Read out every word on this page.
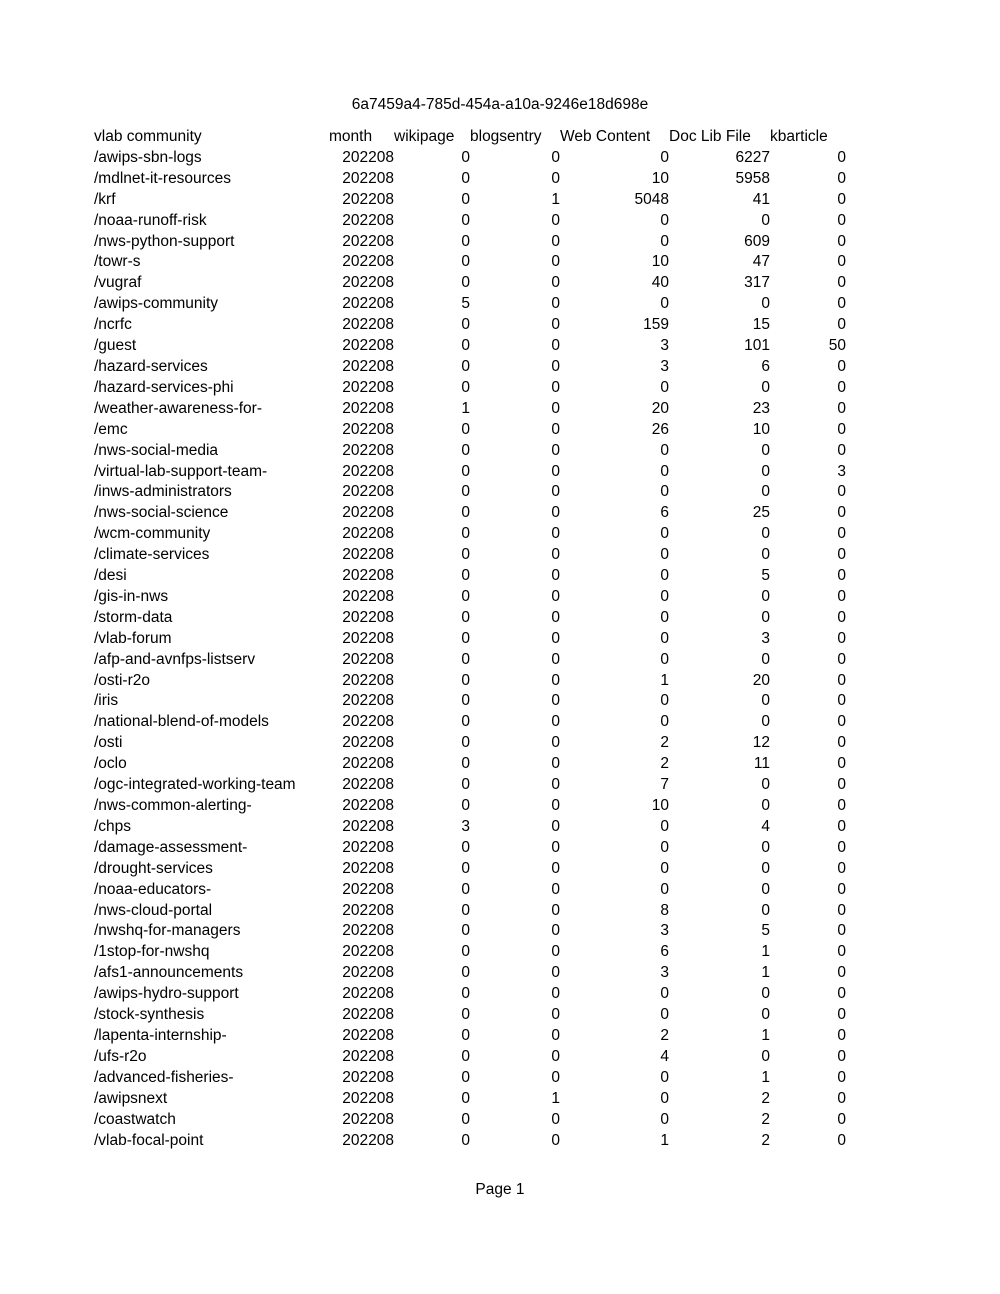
6a7459a4-785d-454a-a10a-9246e18d698e
vlab community	month	wikipage	blogsentry	Web Content	Doc Lib File	kbarticle
/awips-sbn-logs	202208	0	0	0	6227	0
/mdlnet-it-resources	202208	0	0	10	5958	0
/krf	202208	0	1	5048	41	0
/noaa-runoff-risk	202208	0	0	0	0	0
/nws-python-support	202208	0	0	0	609	0
/towr-s	202208	0	0	10	47	0
/vugraf	202208	0	0	40	317	0
/awips-community	202208	5	0	0	0	0
/ncrfc	202208	0	0	159	15	0
/guest	202208	0	0	3	101	50
/hazard-services	202208	0	0	3	6	0
/hazard-services-phi	202208	0	0	0	0	0
/weather-awareness-for-	202208	1	0	20	23	0
/emc	202208	0	0	26	10	0
/nws-social-media	202208	0	0	0	0	0
/virtual-lab-support-team-	202208	0	0	0	0	3
/inws-administrators	202208	0	0	0	0	0
/nws-social-science	202208	0	0	6	25	0
/wcm-community	202208	0	0	0	0	0
/climate-services	202208	0	0	0	0	0
/desi	202208	0	0	0	5	0
/gis-in-nws	202208	0	0	0	0	0
/storm-data	202208	0	0	0	0	0
/vlab-forum	202208	0	0	0	3	0
/afp-and-avnfps-listserv	202208	0	0	0	0	0
/osti-r2o	202208	0	0	1	20	0
/iris	202208	0	0	0	0	0
/national-blend-of-models	202208	0	0	0	0	0
/osti	202208	0	0	2	12	0
/oclo	202208	0	0	2	11	0
/ogc-integrated-working-team	202208	0	0	7	0	0
/nws-common-alerting-	202208	0	0	10	0	0
/chps	202208	3	0	0	4	0
/damage-assessment-	202208	0	0	0	0	0
/drought-services	202208	0	0	0	0	0
/noaa-educators-	202208	0	0	0	0	0
/nws-cloud-portal	202208	0	0	8	0	0
/nwshq-for-managers	202208	0	0	3	5	0
/1stop-for-nwshq	202208	0	0	6	1	0
/afs1-announcements	202208	0	0	3	1	0
/awips-hydro-support	202208	0	0	0	0	0
/stock-synthesis	202208	0	0	0	0	0
/lapenta-internship-	202208	0	0	2	1	0
/ufs-r2o	202208	0	0	4	0	0
/advanced-fisheries-	202208	0	0	0	1	0
/awipsnext	202208	0	1	0	2	0
/coastwatch	202208	0	0	0	2	0
/vlab-focal-point	202208	0	0	1	2	0
Page 1
